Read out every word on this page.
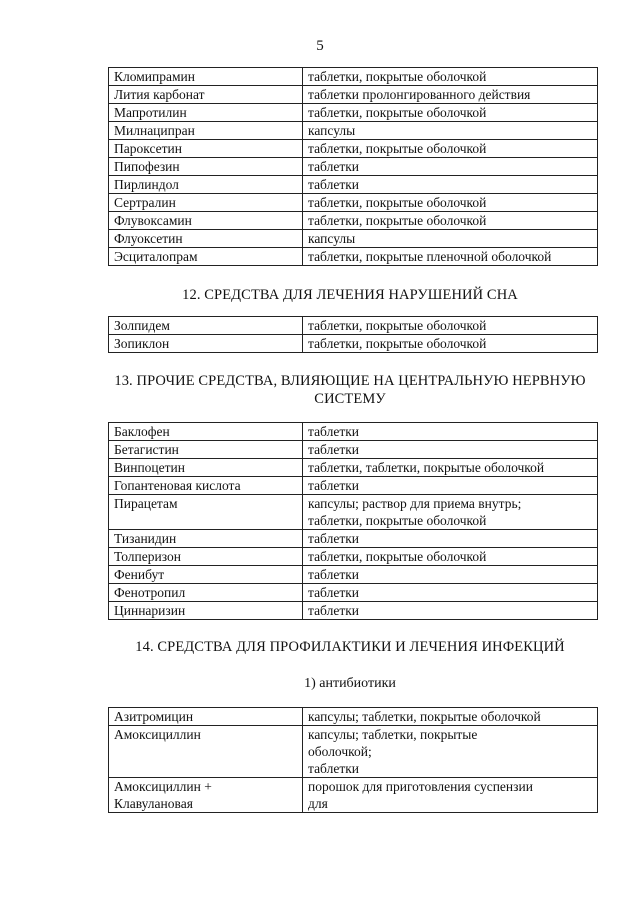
5
Кломипрамин	таблетки, покрытые оболочкой

Лития карбонат	таблетки пролонгированного действия

Мапротилин	таблетки, покрытые оболочкой

Милнаципран	капсулы

Пароксетин	таблетки, покрытые оболочкой

Пипофезин	таблетки

Пирлиндол	таблетки

Сертралин	таблетки, покрытые оболочкой

Флувоксамин	таблетки, покрытые оболочкой

Флуоксетин	капсулы

Эсциталопрам	таблетки, покрытые пленочной оболочкой
12. СРЕДСТВА ДЛЯ ЛЕЧЕНИЯ НАРУШЕНИЙ СНА
Золпидем	таблетки, покрытые оболочкой

Зопиклон	таблетки, покрытые оболочкой
13. ПРОЧИЕ СРЕДСТВА, ВЛИЯЮЩИЕ НА ЦЕНТРАЛЬНУЮ НЕРВНУЮ
СИСТЕМУ
Баклофен	таблетки

Бетагистин	таблетки

Винпоцетин	таблетки, таблетки, покрытые оболочкой

Гопантеновая кислота	таблетки

Пирацетам	капсулы; раствор для приема внутрь;
таблетки, покрытые оболочкой

Тизанидин	таблетки

Толперизон	таблетки, покрытые оболочкой

Фенибут	таблетки

Фенотропил	таблетки

Циннаризин	таблетки
14. СРЕДСТВА ДЛЯ ПРОФИЛАКТИКИ И ЛЕЧЕНИЯ ИНФЕКЦИЙ
1) антибиотики
Азитромицин	капсулы; таблетки, покрытые оболочкой

Амоксициллин	капсулы; таблетки, покрытые
оболочкой;
таблетки

Амоксициллин +
Клавулановая	порошок для приготовления суспензии
для
